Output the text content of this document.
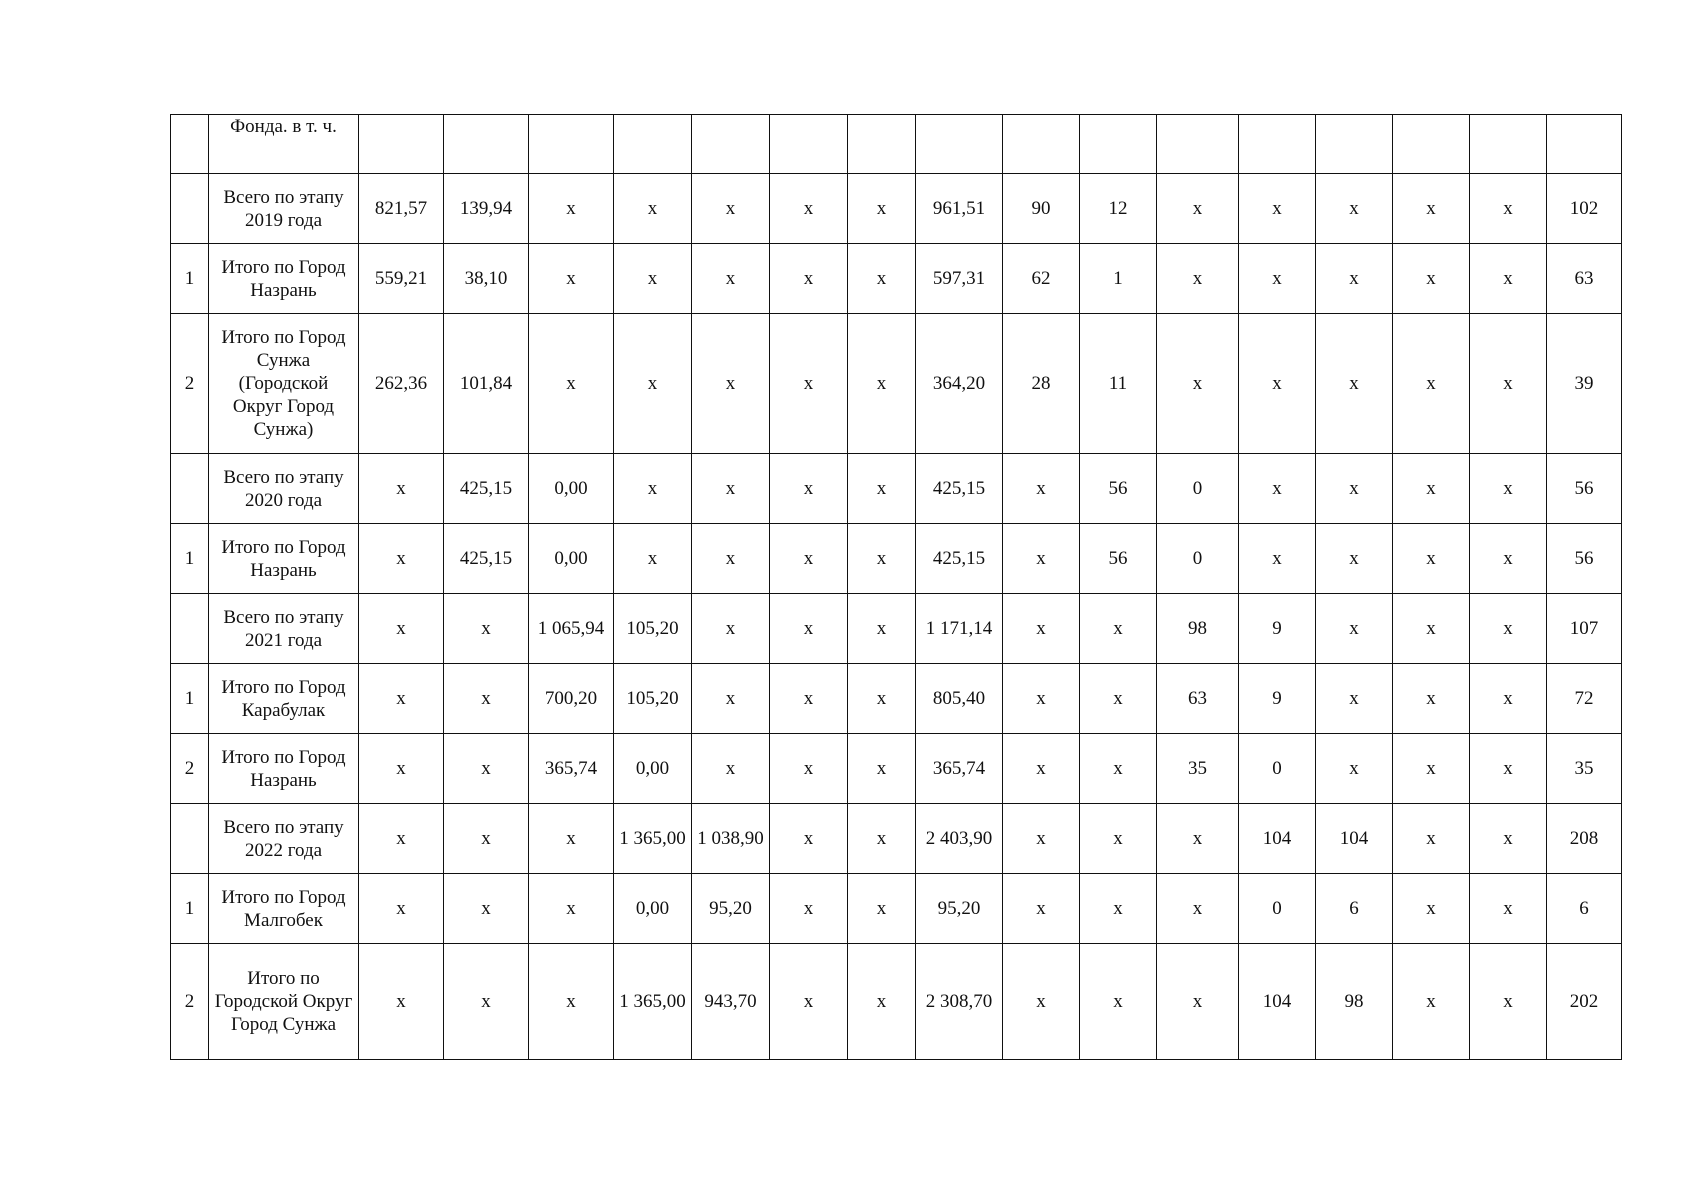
	Фонда. в т. ч.																
	Всего по этапу 2019 года	821,57	139,94	x	x	x	x	x	961,51	90	12	x	x	x	x	x	102
1	Итого по Город Назрань	559,21	38,10	x	x	x	x	x	597,31	62	1	x	x	x	x	x	63
2	Итого по Город Сунжа (Городской Округ Город Сунжа)	262,36	101,84	x	x	x	x	x	364,20	28	11	x	x	x	x	x	39
	Всего по этапу 2020 года	x	425,15	0,00	x	x	x	x	425,15	x	56	0	x	x	x	x	56
1	Итого по Город Назрань	x	425,15	0,00	x	x	x	x	425,15	x	56	0	x	x	x	x	56
	Всего по этапу 2021 года	x	x	1 065,94	105,20	x	x	x	1 171,14	x	x	98	9	x	x	x	107
1	Итого по Город Карабулак	x	x	700,20	105,20	x	x	x	805,40	x	x	63	9	x	x	x	72
2	Итого по Город Назрань	x	x	365,74	0,00	x	x	x	365,74	x	x	35	0	x	x	x	35
	Всего по этапу 2022 года	x	x	x	1 365,00	1 038,90	x	x	2 403,90	x	x	x	104	104	x	x	208
1	Итого по Город Малгобек	x	x	x	0,00	95,20	x	x	95,20	x	x	x	0	6	x	x	6
2	Итого по Городской Округ Город Сунжа	x	x	x	1 365,00	943,70	x	x	2 308,70	x	x	x	104	98	x	x	202
